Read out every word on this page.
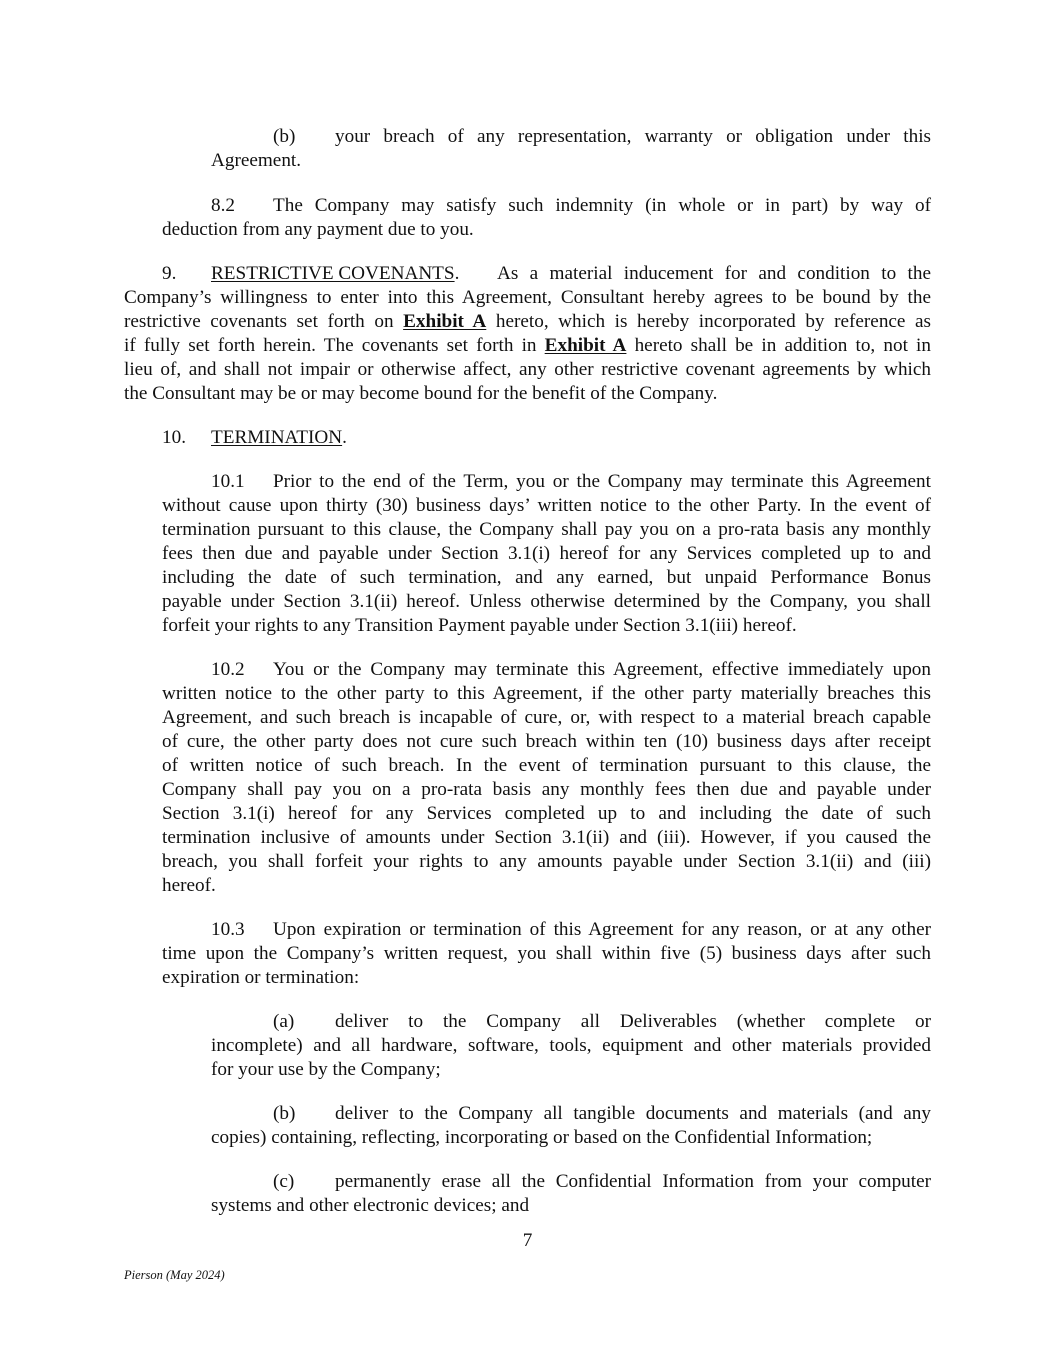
(b) your breach of any representation, warranty or obligation under this
Agreement.
8.2 The Company may satisfy such indemnity (in whole or in part) by way of
deduction from any payment due to you.
9. RESTRICTIVE COVENANTS. As a material inducement for and condition to the
Company’s willingness to enter into this Agreement, Consultant hereby agrees to be bound by the
restrictive covenants set forth on Exhibit A hereto, which is hereby incorporated by reference as
if fully set forth herein. The covenants set forth in Exhibit A hereto shall be in addition to, not in
lieu of, and shall not impair or otherwise affect, any other restrictive covenant agreements by which
the Consultant may be or may become bound for the benefit of the Company.
10. TERMINATION.
10.1 Prior to the end of the Term, you or the Company may terminate this Agreement
without cause upon thirty (30) business days’ written notice to the other Party. In the event of
termination pursuant to this clause, the Company shall pay you on a pro-rata basis any monthly
fees then due and payable under Section 3.1(i) hereof for any Services completed up to and
including the date of such termination, and any earned, but unpaid Performance Bonus
payable under Section 3.1(ii) hereof. Unless otherwise determined by the Company, you shall
forfeit your rights to any Transition Payment payable under Section 3.1(iii) hereof.
10.2 You or the Company may terminate this Agreement, effective immediately upon
written notice to the other party to this Agreement, if the other party materially breaches this
Agreement, and such breach is incapable of cure, or, with respect to a material breach capable
of cure, the other party does not cure such breach within ten (10) business days after receipt
of written notice of such breach. In the event of termination pursuant to this clause, the
Company shall pay you on a pro-rata basis any monthly fees then due and payable under
Section 3.1(i) hereof for any Services completed up to and including the date of such
termination inclusive of amounts under Section 3.1(ii) and (iii). However, if you caused the
breach, you shall forfeit your rights to any amounts payable under Section 3.1(ii) and (iii)
hereof.
10.3 Upon expiration or termination of this Agreement for any reason, or at any other
time upon the Company’s written request, you shall within five (5) business days after such
expiration or termination:
(a) deliver to the Company all Deliverables (whether complete or
incomplete) and all hardware, software, tools, equipment and other materials provided
for your use by the Company;
(b) deliver to the Company all tangible documents and materials (and any
copies) containing, reflecting, incorporating or based on the Confidential Information;
(c) permanently erase all the Confidential Information from your computer
systems and other electronic devices; and
7
Pierson (May 2024)
